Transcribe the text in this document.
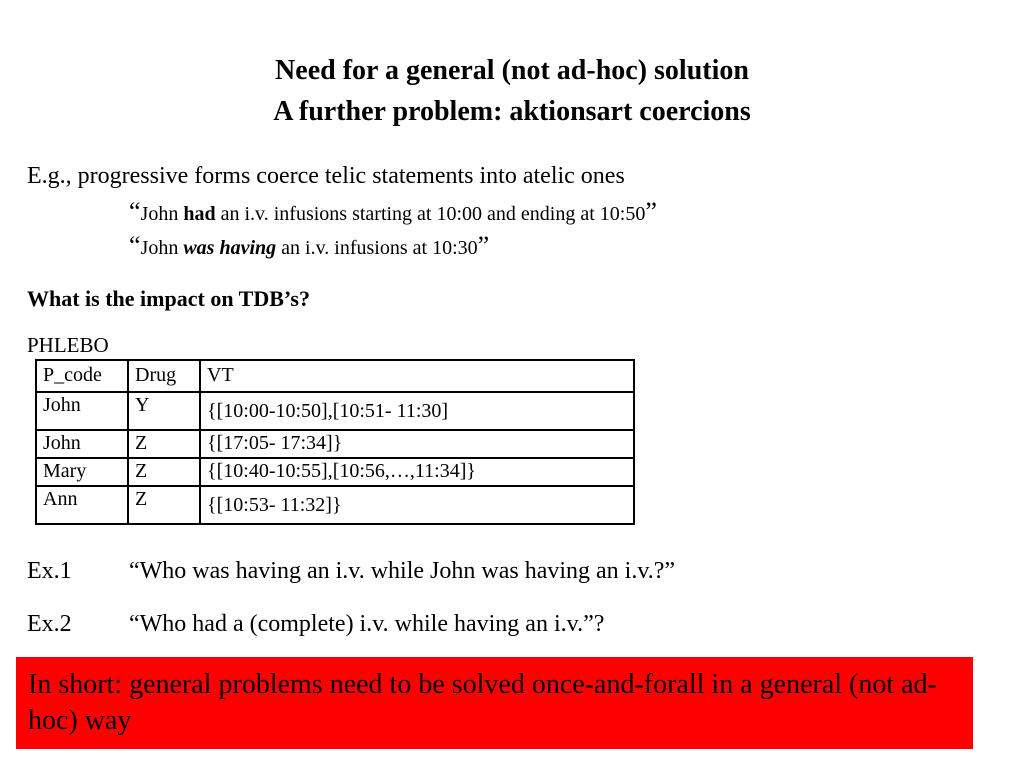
Need for a general (not ad-hoc) solution
A further problem: aktionsart coercions
E.g., progressive forms coerce telic statements into atelic ones
“John had an i.v. infusions starting at 10:00 and ending at 10:50”
“John was having an i.v. infusions at 10:30”
What is the impact on TDB’s?
PHLEBO
P_code	Drug	VT
John	Y	{[10:00-10:50],[10:51- 11:30]
John	Z	{[17:05- 17:34]}
Mary	Z	{[10:40-10:55],[10:56,…,11:34]}
Ann	Z	{[10:53- 11:32]}
Ex.1 “Who was having an i.v. while John was having an i.v.?”
Ex.2 “Who had a (complete) i.v. while having an i.v.”?
In short: general problems need to be solved once-and-forall in a general (not ad-hoc) way
